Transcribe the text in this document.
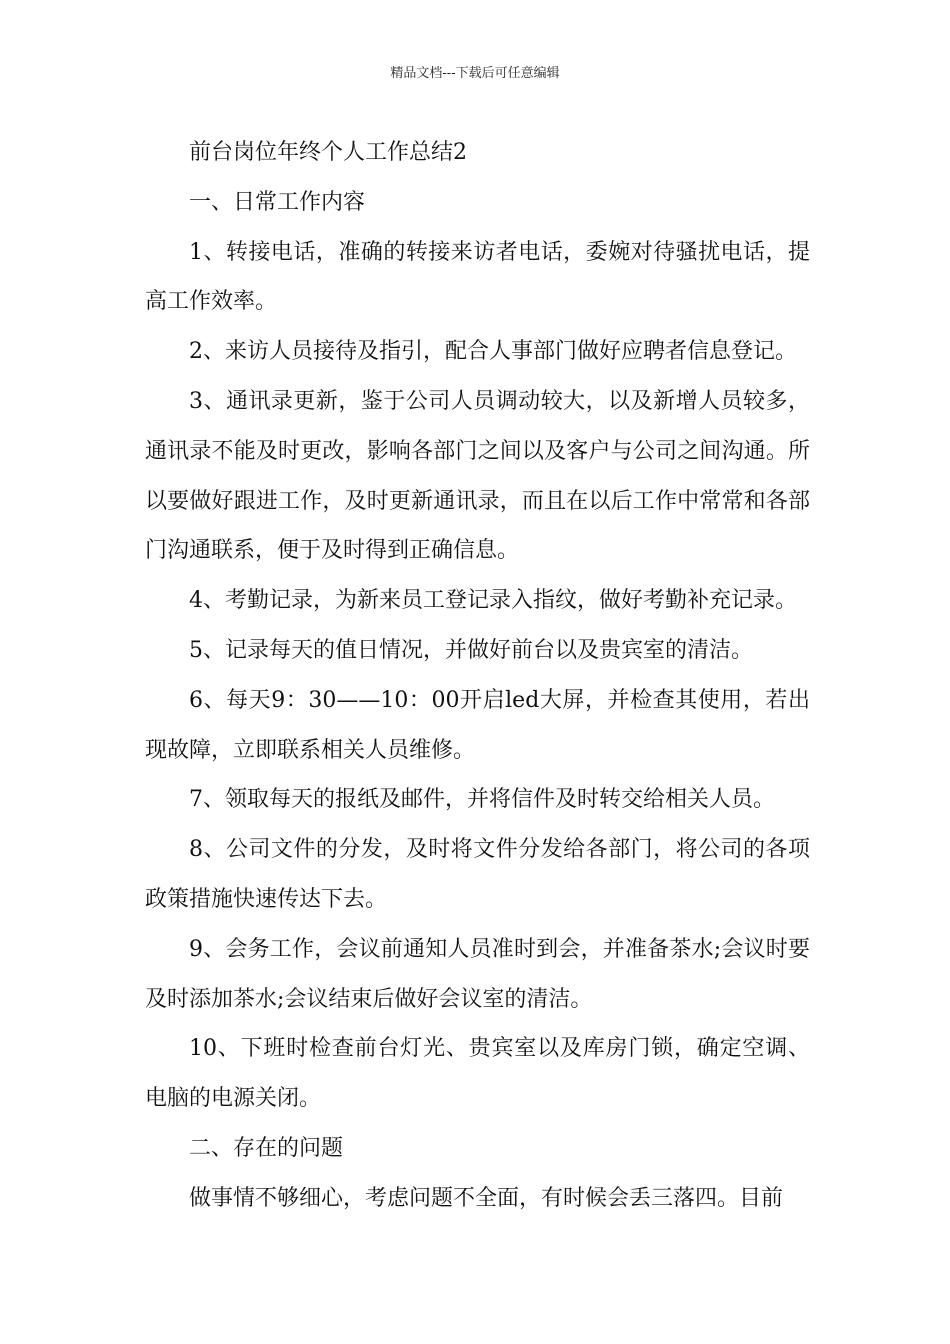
精品文档---下载后可任意编辑

前台岗位年终个人工作总结2

一、日常工作内容

1、转接电话，准确的转接来访者电话，委婉对待骚扰电话，提高工作效率。

2、来访人员接待及指引，配合人事部门做好应聘者信息登记。

3、通讯录更新，鉴于公司人员调动较大，以及新增人员较多，通讯录不能及时更改，影响各部门之间以及客户与公司之间沟通。所以要做好跟进工作，及时更新通讯录，而且在以后工作中常常和各部门沟通联系，便于及时得到正确信息。

4、考勤记录，为新来员工登记录入指纹，做好考勤补充记录。

5、记录每天的值日情况，并做好前台以及贵宾室的清洁。

6、每天9：30——10：00开启led大屏，并检查其使用，若出现故障，立即联系相关人员维修。

7、领取每天的报纸及邮件，并将信件及时转交给相关人员。

8、公司文件的分发，及时将文件分发给各部门，将公司的各项政策措施快速传达下去。

9、会务工作，会议前通知人员准时到会，并准备茶水;会议时要及时添加茶水;会议结束后做好会议室的清洁。

10、下班时检查前台灯光、贵宾室以及库房门锁，确定空调、电脑的电源关闭。

二、存在的问题

做事情不够细心，考虑问题不全面，有时候会丢三落四。目前
